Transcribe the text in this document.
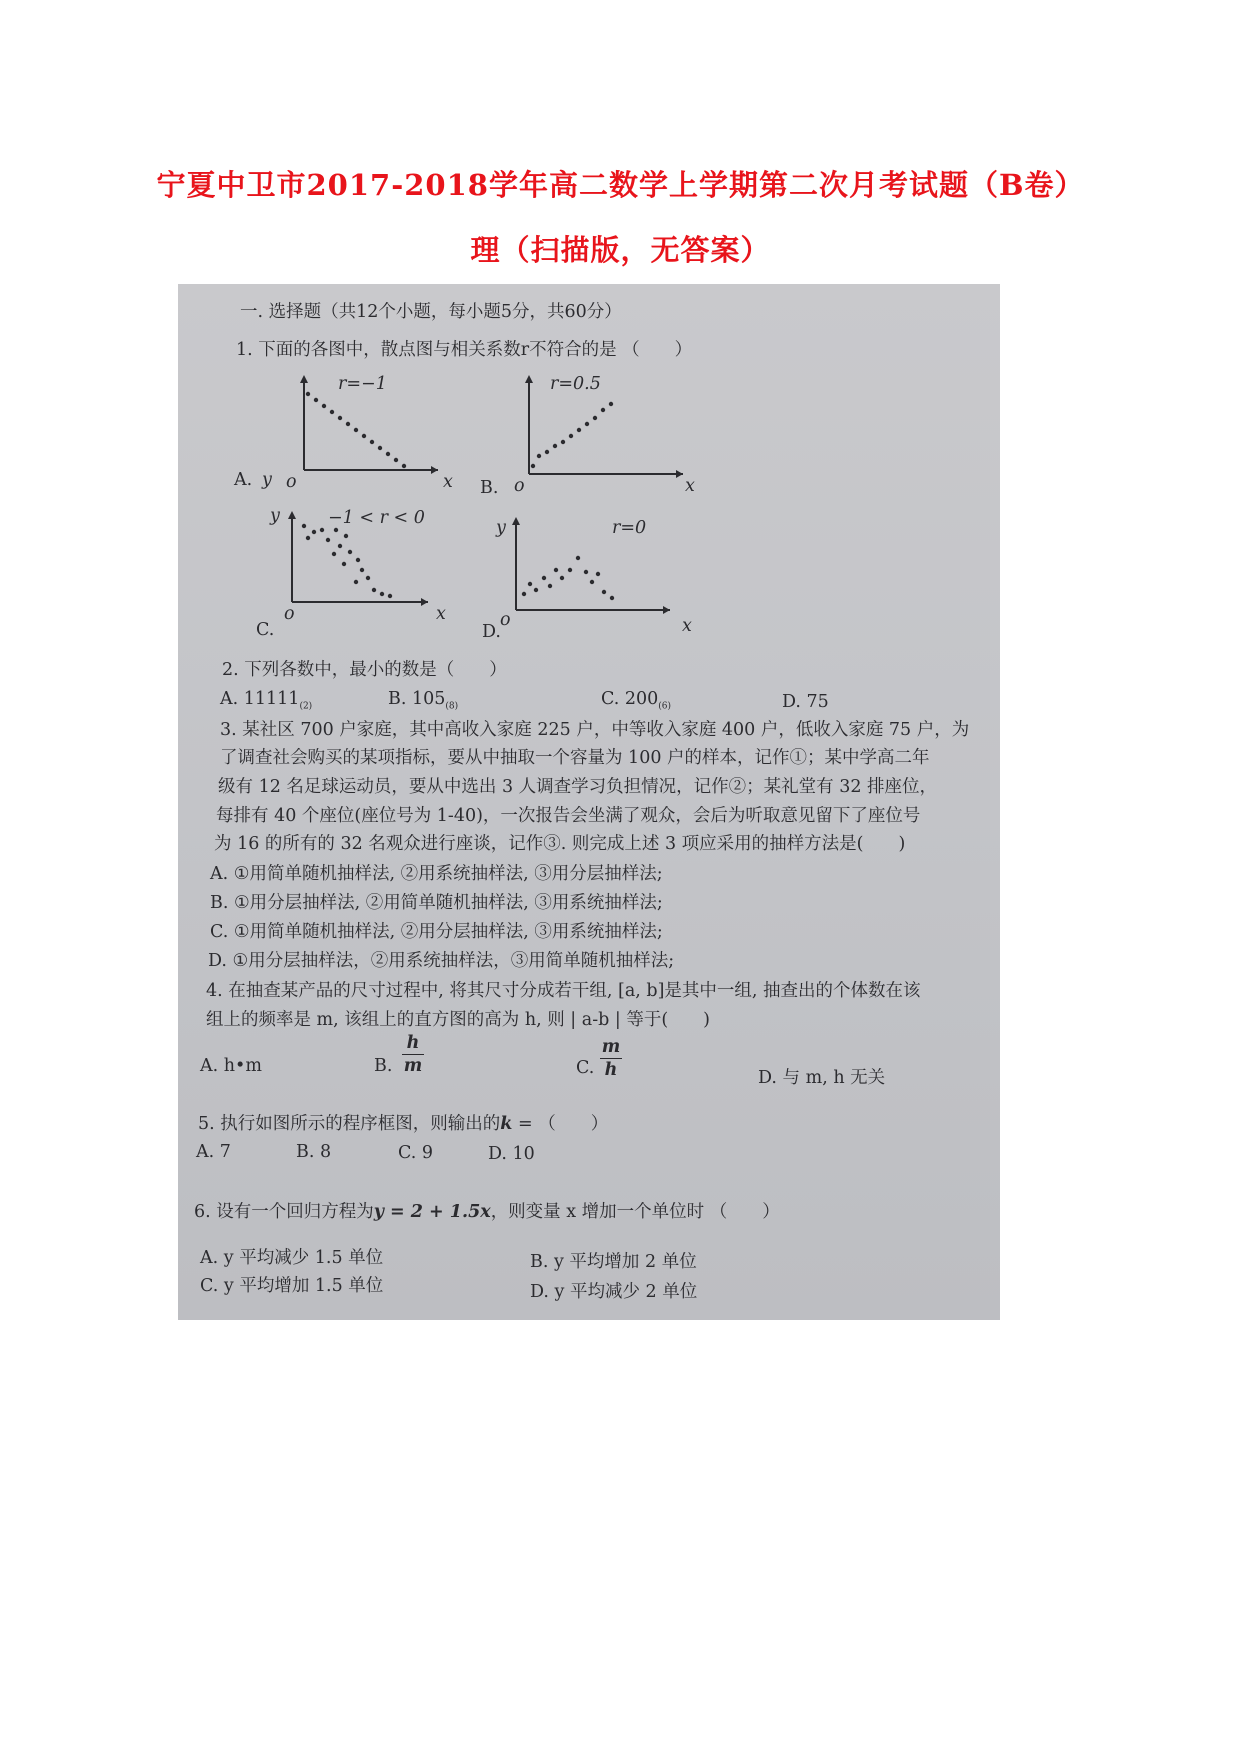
宁夏中卫市2017-2018学年高二数学上学期第二次月考试题（B卷）
理（扫描版，无答案）
一. 选择题（共12个小题，每小题5分，共60分）
1. 下面的各图中，散点图与相关系数r不符合的是 （　　）
y
r=−1
o	x
A.
r=0.5
o	x
B.
y	−1 < r < 0
o	x
C.
y	r=0
o	x
D.
2. 下列各数中，最小的数是（　　）
A. $11111_{(2)}$	B. $105_{(8)}$	C. $200_{(6)}$	D. 75
3. 某社区 700 户家庭，其中高收入家庭 225 户，中等收入家庭 400 户，低收入家庭 75 户，为
了调查社会购买的某项指标，要从中抽取一个容量为 100 户的样本，记作①；某中学高二年
级有 12 名足球运动员，要从中选出 3 人调查学习负担情况，记作②；某礼堂有 32 排座位，
每排有 40 个座位(座位号为 1-40)，一次报告会坐满了观众，会后为听取意见留下了座位号
为 16 的所有的 32 名观众进行座谈，记作③. 则完成上述 3 项应采用的抽样方法是(　　)
A. ①用简单随机抽样法, ②用系统抽样法, ③用分层抽样法;
B. ①用分层抽样法, ②用简单随机抽样法, ③用系统抽样法;
C. ①用简单随机抽样法, ②用分层抽样法, ③用系统抽样法;
D. ①用分层抽样法，②用系统抽样法，③用简单随机抽样法;
4. 在抽查某产品的尺寸过程中, 将其尺寸分成若干组, [a, b]是其中一组, 抽查出的个体数在该
组上的频率是 m, 该组上的直方图的高为 h, 则 | a-b | 等于(　　)
A. h•m	B.
h
m	C.
m
h	D. 与 m, h 无关
5. 执行如图所示的程序框图，则输出的k = （　　）
A. 7	B. 8	C. 9	D. 10
6. 设有一个回归方程为y = 2 + 1.5x，则变量 x 增加一个单位时 （　　）
A. y 平均减少 1.5 单位	B. y 平均增加 2 单位
C. y 平均增加 1.5 单位	D. y 平均减少 2 单位
